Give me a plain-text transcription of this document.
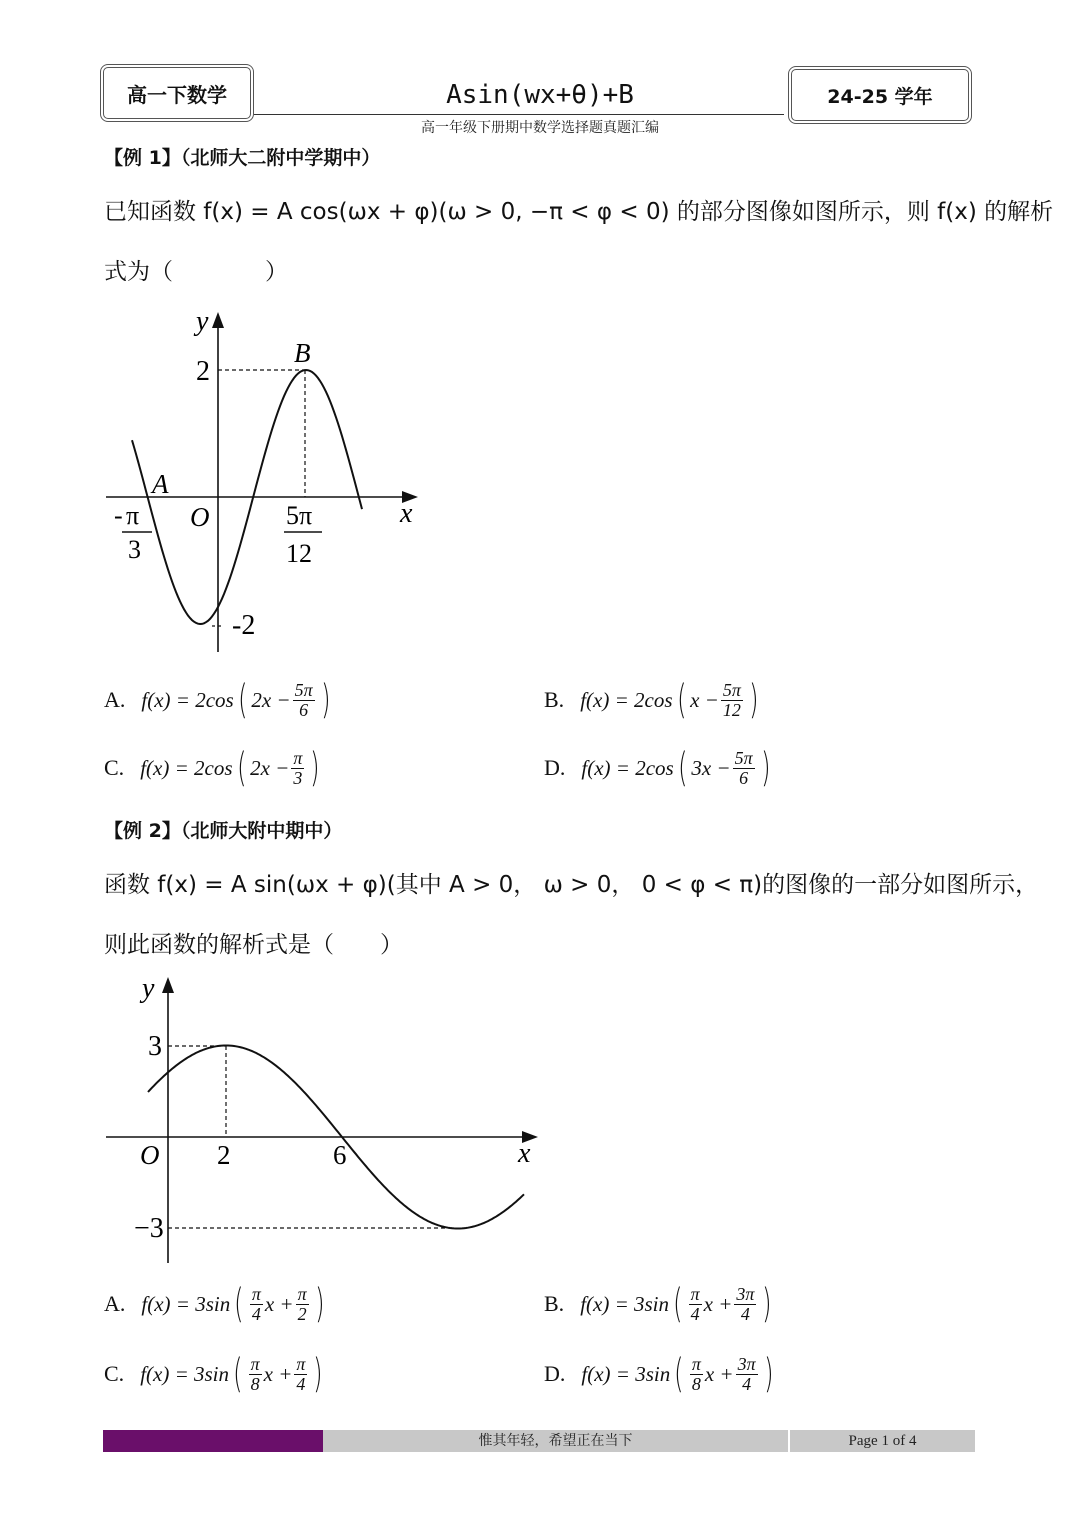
高一下数学	Asin(wx+θ)+B
高一年级下册期中数学选择题真题汇编
24-25 学年
【例 1】（北师大二附中学期中）
已知函数 f(x) = A cos(ωx + φ)(ω > 0, −π < φ < 0) 的部分图像如图所示，则 f(x) 的解析
式为（　　　　）
y
x
O
A
B
2
-2
- π
3
5π
12
A. f(x) = 2cos ( $2x - \frac{5\pi}{6}$ )	B. f(x) = 2cos ( $x - \frac{5\pi}{12}$ )
C. f(x) = 2cos ( $2x - \frac{\pi}{3}$ )	D. f(x) = 2cos ( $3x - \frac{5\pi}{6}$ )
【例 2】（北师大附中期中）
函数 f(x) = A sin(ωx + φ)(其中 A > 0， ω > 0， 0 < φ < π)的图像的一部分如图所示，
则此函数的解析式是（　　）
y
x
O
3
−3
2	6
A. f(x) = 3sin ( $\frac{\pi}{4}$ $x + \frac{\pi}{2}$ )	B. f(x) = 3sin ( $\frac{\pi}{4}$ $x + \frac{3\pi}{4}$ )
C. f(x) = 3sin ( $\frac{\pi}{8}$ $x + \frac{\pi}{4}$ )	D. f(x) = 3sin ( $\frac{\pi}{8}$ $x + \frac{3\pi}{4}$ )
惟其年轻，希望正在当下	Page 1 of 4
